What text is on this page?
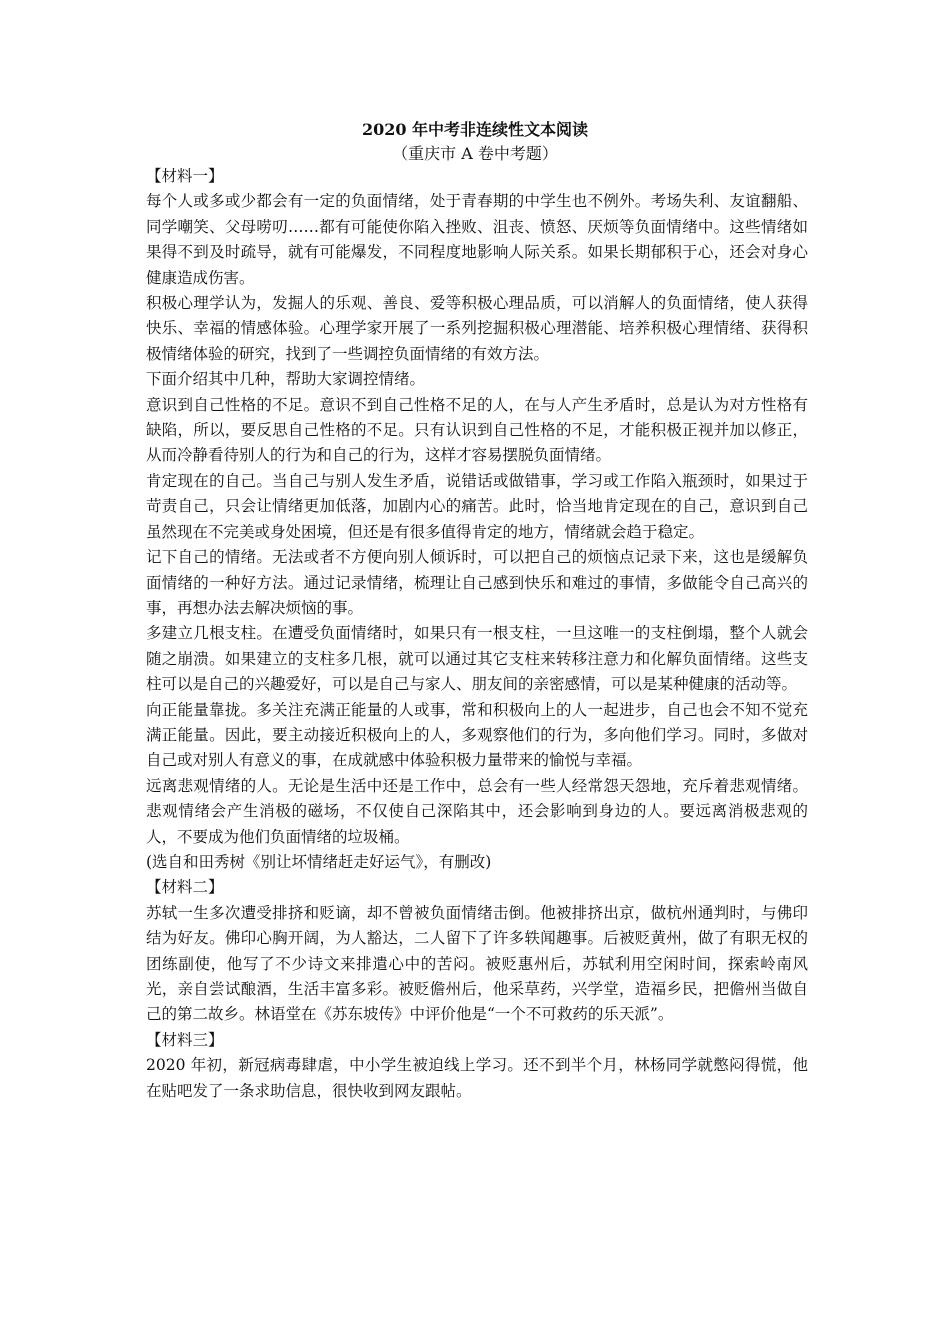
2020 年中考非连续性文本阅读
（重庆市 A 卷中考题）

【材料一】

每个人或多或少都会有一定的负面情绪，处于青春期的中学生也不例外。考场失利、友谊翻船、同学嘲笑、父母唠叨……都有可能使你陷入挫败、沮丧、愤怒、厌烦等负面情绪中。这些情绪如果得不到及时疏导，就有可能爆发，不同程度地影响人际关系。如果长期郁积于心，还会对身心健康造成伤害。

积极心理学认为，发掘人的乐观、善良、爱等积极心理品质，可以消解人的负面情绪，使人获得快乐、幸福的情感体验。心理学家开展了一系列挖掘积极心理潜能、培养积极心理情绪、获得积极情绪体验的研究，找到了一些调控负面情绪的有效方法。

下面介绍其中几种，帮助大家调控情绪。

意识到自己性格的不足。意识不到自己性格不足的人，在与人产生矛盾时，总是认为对方性格有缺陷，所以，要反思自己性格的不足。只有认识到自己性格的不足，才能积极正视并加以修正，从而冷静看待别人的行为和自己的行为，这样才容易摆脱负面情绪。

肯定现在的自己。当自己与别人发生矛盾，说错话或做错事，学习或工作陷入瓶颈时，如果过于苛责自己，只会让情绪更加低落，加剧内心的痛苦。此时，恰当地肯定现在的自己，意识到自己虽然现在不完美或身处困境，但还是有很多值得肯定的地方，情绪就会趋于稳定。

记下自己的情绪。无法或者不方便向别人倾诉时，可以把自己的烦恼点记录下来，这也是缓解负面情绪的一种好方法。通过记录情绪，梳理让自己感到快乐和难过的事情，多做能令自己高兴的事，再想办法去解决烦恼的事。

多建立几根支柱。在遭受负面情绪时，如果只有一根支柱，一旦这唯一的支柱倒塌，整个人就会随之崩溃。如果建立的支柱多几根，就可以通过其它支柱来转移注意力和化解负面情绪。这些支柱可以是自己的兴趣爱好，可以是自己与家人、朋友间的亲密感情，可以是某种健康的活动等。

向正能量靠拢。多关注充满正能量的人或事，常和积极向上的人一起进步，自己也会不知不觉充满正能量。因此，要主动接近积极向上的人，多观察他们的行为，多向他们学习。同时，多做对自己或对别人有意义的事，在成就感中体验积极力量带来的愉悦与幸福。

远离悲观情绪的人。无论是生活中还是工作中，总会有一些人经常怨天怨地，充斥着悲观情绪。悲观情绪会产生消极的磁场，不仅使自己深陷其中，还会影响到身边的人。要远离消极悲观的人，不要成为他们负面情绪的垃圾桶。

(选自和田秀树《别让坏情绪赶走好运气》，有删改)

【材料二】

苏轼一生多次遭受排挤和贬谪，却不曾被负面情绪击倒。他被排挤出京，做杭州通判时，与佛印结为好友。佛印心胸开阔，为人豁达，二人留下了许多轶闻趣事。后被贬黄州，做了有职无权的团练副使，他写了不少诗文来排遣心中的苦闷。被贬惠州后，苏轼利用空闲时间，探索岭南风光，亲自尝试酿酒，生活丰富多彩。被贬儋州后，他采草药，兴学堂，造福乡民，把儋州当做自己的第二故乡。林语堂在《苏东坡传》中评价他是“一个不可救药的乐天派”。

【材料三】

2020 年初，新冠病毒肆虐，中小学生被迫线上学习。还不到半个月，林杨同学就憋闷得慌，他在贴吧发了一条求助信息，很快收到网友跟帖。
